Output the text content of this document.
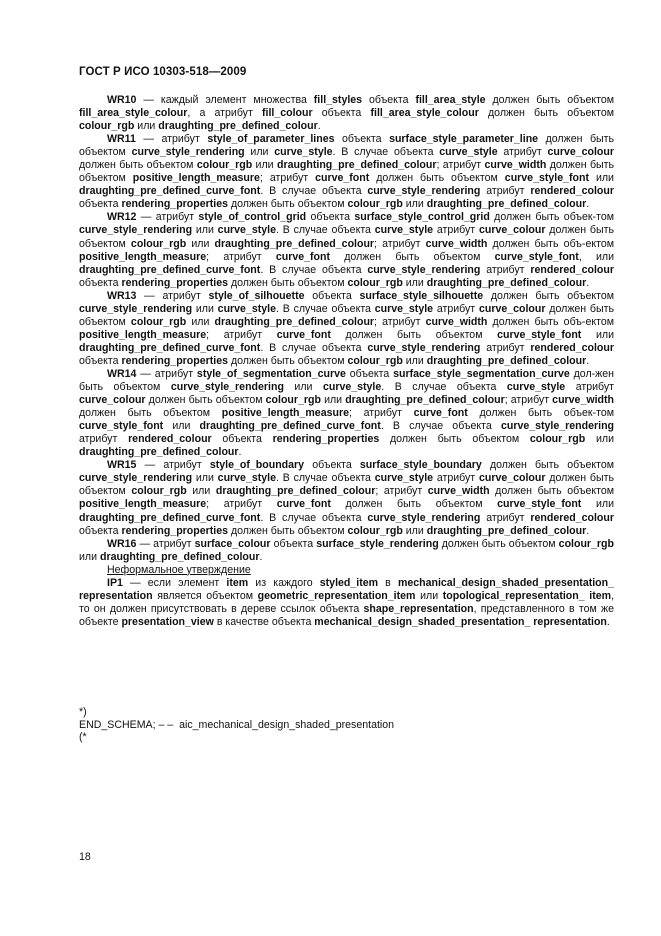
ГОСТ Р ИСО 10303-518—2009

WR10 — каждый элемент множества fill_styles объекта fill_area_style должен быть объектом fill_area_style_colour, а атрибут fill_colour объекта fill_area_style_colour должен быть объектом colour_rgb или draughting_pre_defined_colour.

WR11 — атрибут style_of_parameter_lines объекта surface_style_parameter_line должен быть объектом curve_style_rendering или curve_style. В случае объекта curve_style атрибут curve_colour должен быть объектом colour_rgb или draughting_pre_defined_colour; атрибут curve_width должен быть объектом positive_length_measure; атрибут curve_font должен быть объектом curve_style_font или draughting_pre_defined_curve_font. В случае объекта curve_style_rendering атрибут rendered_colour объекта rendering_properties должен быть объектом colour_rgb или draughting_pre_defined_colour.

WR12 — атрибут style_of_control_grid объекта surface_style_control_grid должен быть объек-том curve_style_rendering или curve_style. В случае объекта curve_style атрибут curve_colour должен быть объектом colour_rgb или draughting_pre_defined_colour; атрибут curve_width должен быть объ-ектом positive_length_measure; атрибут curve_font должен быть объектом curve_style_font, или draughting_pre_defined_curve_font. В случае объекта curve_style_rendering атрибут rendered_colour объекта rendering_properties должен быть объектом colour_rgb или draughting_pre_defined_colour.

WR13 — атрибут style_of_silhouette объекта surface_style_silhouette должен быть объектом curve_style_rendering или curve_style. В случае объекта curve_style атрибут curve_colour должен быть объектом colour_rgb или draughting_pre_defined_colour; атрибут curve_width должен быть объ-ектом positive_length_measure; атрибут curve_font должен быть объектом curve_style_font или draughting_pre_defined_curve_font. В случае объекта curve_style_rendering атрибут rendered_colour объекта rendering_properties должен быть объектом colour_rgb или draughting_pre_defined_colour.

WR14 — атрибут style_of_segmentation_curve объекта surface_style_segmentation_curve дол-жен быть объектом curve_style_rendering или curve_style. В случае объекта curve_style атрибут curve_colour должен быть объектом colour_rgb или draughting_pre_defined_colour; атрибут curve_width должен быть объектом positive_length_measure; атрибут curve_font должен быть объек-том curve_style_font или draughting_pre_defined_curve_font. В случае объекта curve_style_rendering атрибут rendered_colour объекта rendering_properties должен быть объектом colour_rgb или draughting_pre_defined_colour.

WR15 — атрибут style_of_boundary объекта surface_style_boundary должен быть объектом curve_style_rendering или curve_style. В случае объекта curve_style атрибут curve_colour должен быть объектом colour_rgb или draughting_pre_defined_colour; атрибут curve_width должен быть объектом positive_length_measure; атрибут curve_font должен быть объектом curve_style_font или draughting_pre_defined_curve_font. В случае объекта curve_style_rendering атрибут rendered_colour объекта rendering_properties должен быть объектом colour_rgb или draughting_pre_defined_colour.

WR16 — атрибут surface_colour объекта surface_style_rendering должен быть объектом colour_rgb или draughting_pre_defined_colour.

Неформальное утверждение

IP1 — если элемент item из каждого styled_item в mechanical_design_shaded_presentation_ representation является объектом geometric_representation_item или topological_representation_ item, то он должен присутствовать в дереве ссылок объекта shape_representation, представленного в том же объекте presentation_view в качестве объекта mechanical_design_shaded_presentation_ representation.

*)
END_SCHEMA; – –  aic_mechanical_design_shaded_presentation
(*
18
